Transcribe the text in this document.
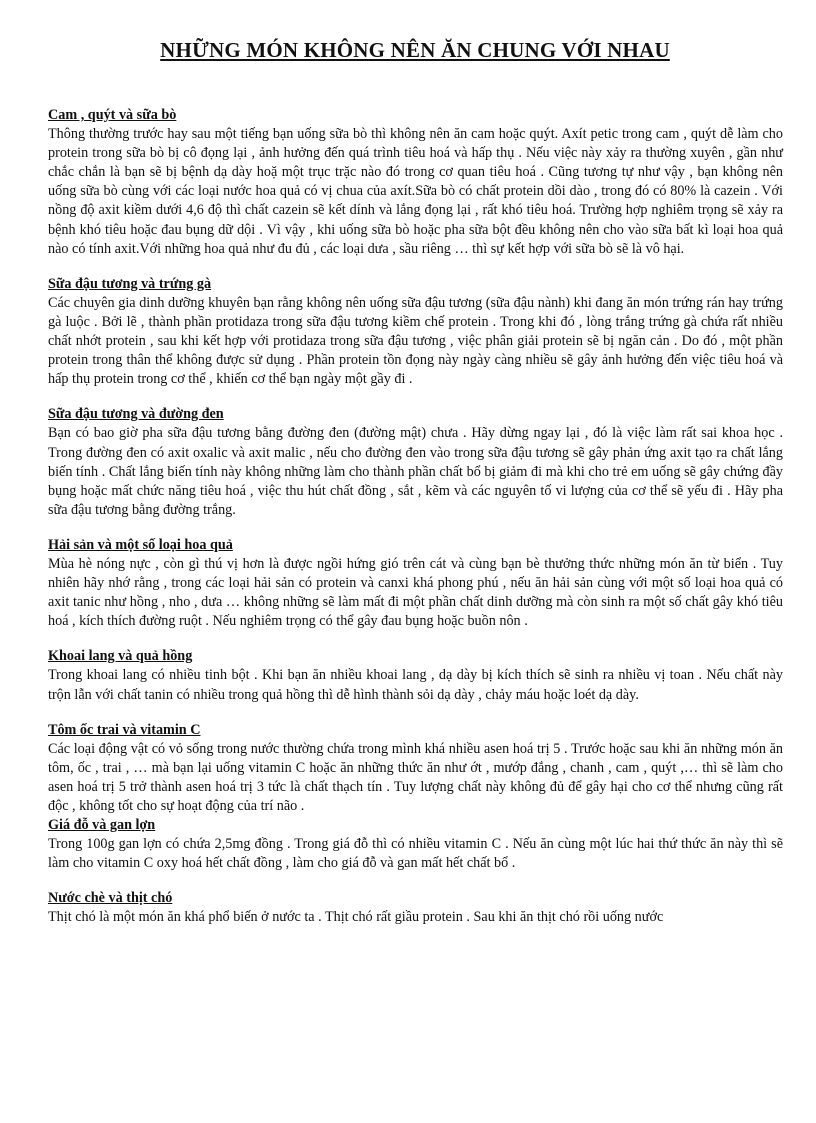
NHỮNG MÓN KHÔNG NÊN ĂN CHUNG VỚI NHAU
Cam , quýt và sữa bò
Thông thường trước hay sau một tiếng bạn uống sữa bò thì không nên ăn cam hoặc quýt. Axít petic trong cam , quýt dễ làm cho protein trong sữa bò bị cô đọng lại , ảnh hưởng đến quá trình tiêu hoá và hấp thụ . Nếu việc này xảy ra thường xuyên , gần như chắc chắn là bạn sẽ bị bệnh dạ dày hoặ một trục trặc nào đó trong cơ quan tiêu hoá . Cũng tương tự như vậy , bạn không nên uống sữa bò cùng với các loại nước hoa quả có vị chua của axít.Sữa bò có chất protein dồi dào , trong đó có 80% là cazein . Với nồng độ axit kiềm dưới 4,6 độ thì chất cazein sẽ kết dính và lắng đọng lại , rất khó tiêu hoá. Trường hợp nghiêm trọng sẽ xảy ra bệnh khó tiêu hoặc đau bụng dữ dội . Vì vậy , khi uống sữa bò hoặc pha sữa bột đều không nên cho vào sữa bất kì loại hoa quả nào có tính axit.Với những hoa quả như đu đủ , các loại dưa , sầu riêng … thì sự kết hợp với sữa bò sẽ là vô hại.
Sữa đậu tương và trứng gà
Các chuyên gia dinh dưỡng khuyên bạn rằng không nên uống sữa đậu tương (sữa đậu nành) khi đang ăn món trứng rán hay trứng gà luộc . Bởi lẽ , thành phần protidaza trong sữa đậu tương kiềm chế protein . Trong khi đó , lòng trắng trứng gà chứa rất nhiều chất nhớt protein , sau khi kết hợp với protidaza trong sữa đậu tương , việc phân giải protein sẽ bị ngăn cản . Do đó , một phần protein trong thân thể không được sử dụng . Phần protein tồn đọng này ngày càng nhiều sẽ gây ảnh hưởng đến việc tiêu hoá và hấp thụ protein trong cơ thể , khiến cơ thể bạn ngày một gầy đi .
Sữa đậu tương và đường đen
Bạn có bao giờ pha sữa đậu tương bằng đường đen (đường mật) chưa . Hãy dừng ngay lại , đó là việc làm rất sai khoa học . Trong đường đen có axit oxalic và axit malic , nếu cho đường đen vào trong sữa đậu tương sẽ gây phản ứng axit tạo ra chất lắng biến tính . Chất lắng biến tính này không những làm cho thành phần chất bổ bị giảm đi mà khi cho trẻ em uống sẽ gây chứng đầy bụng hoặc mất chức năng tiêu hoá , việc thu hút chất đồng , sắt , kẽm và các nguyên tố vi lượng của cơ thể sẽ yếu đi . Hãy pha sữa đậu tương bằng đường trắng.
Hải sản và một số loại hoa quả
Mùa hè nóng nực , còn gì thú vị hơn là được ngồi hứng gió trên cát và cùng bạn bè thưởng thức những món ăn từ biển . Tuy nhiên hãy nhớ rằng , trong các loại hải sản có protein và canxi khá phong phú , nếu ăn hải sản cùng với một số loại hoa quả có axit tanic như hồng , nho , dưa … không những sẽ làm mất đi một phần chất dinh dưỡng mà còn sinh ra một số chất gây khó tiêu hoá , kích thích đường ruột . Nếu nghiêm trọng có thể gây đau bụng hoặc buồn nôn .
Khoai lang và quả hồng
Trong khoai lang có nhiều tinh bột . Khi bạn ăn nhiều khoai lang , dạ dày bị kích thích sẽ sinh ra nhiều vị toan . Nếu chất này trộn lẫn với chất tanin có nhiều trong quả hồng thì dễ hình thành sỏi dạ dày , chảy máu hoặc loét dạ dày.
Tôm ốc trai và vitamin C
Các loại động vật có vỏ sống trong nước thường chứa trong mình khá nhiều asen hoá trị 5 . Trước hoặc sau khi ăn những món ăn tôm, ốc , trai , … mà bạn lại uống vitamin C hoặc ăn những thức ăn như ớt , mướp đắng , chanh , cam , quýt ,… thì sẽ làm cho asen hoá trị 5 trở thành asen hoá trị 3 tức là chất thạch tín . Tuy lượng chất này không đủ để gây hại cho cơ thể nhưng cũng rất độc , không tốt cho sự hoạt động của trí não .
Giá đỗ và gan lợn
Trong 100g gan lợn có chứa 2,5mg đồng . Trong giá đỗ thì có nhiều vitamin C . Nếu ăn cùng một lúc hai thứ thức ăn này thì sẽ làm cho vitamin C oxy hoá hết chất đồng , làm cho giá đỗ và gan mất hết chất bổ .
Nước chè và thịt chó
Thịt chó là một món ăn khá phổ biến ở nước ta . Thịt chó rất giầu protein . Sau khi ăn thịt chó rồi uống nước
